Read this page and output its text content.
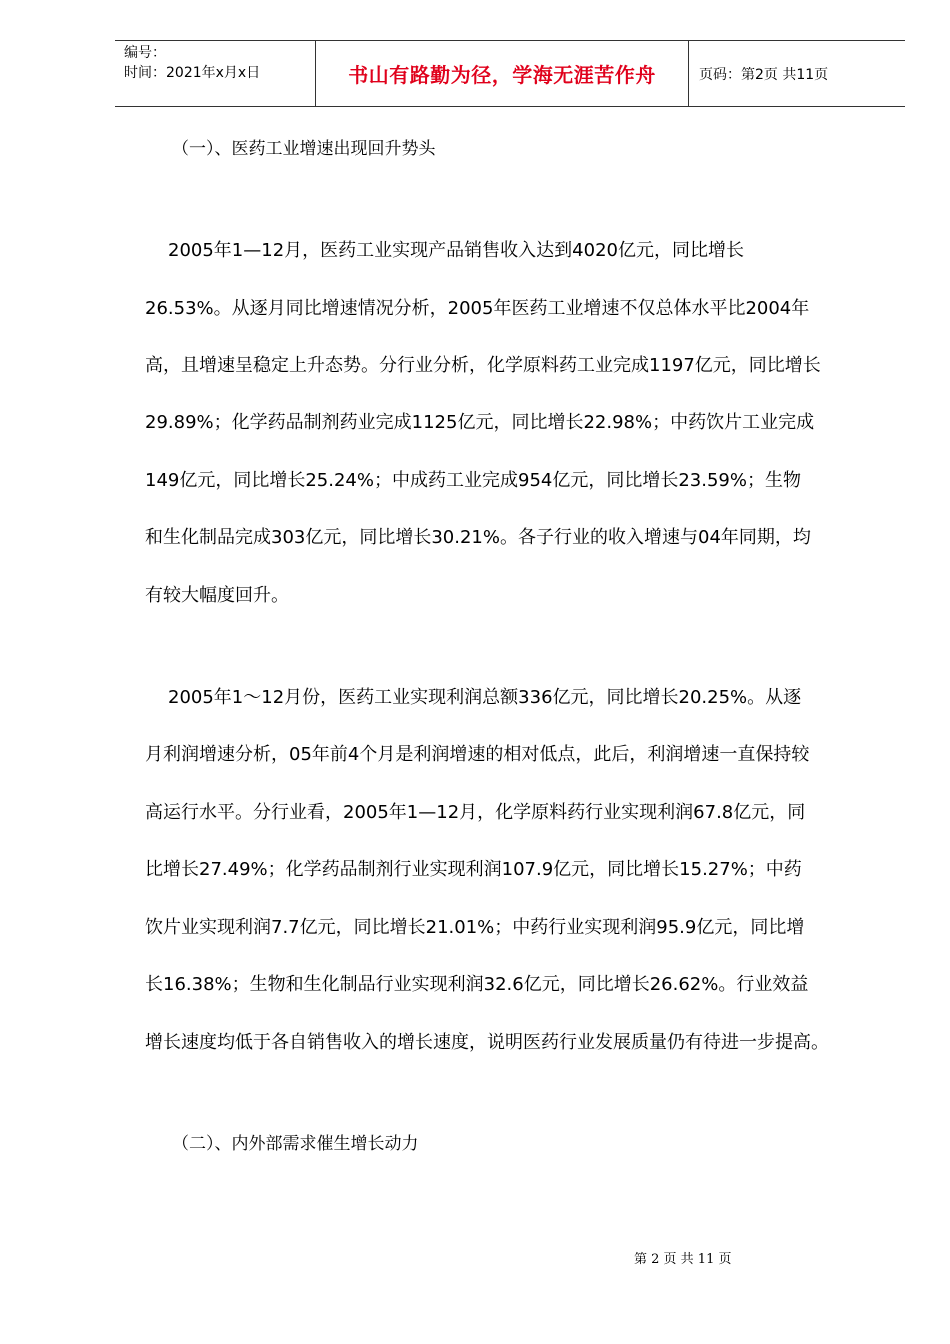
编号：
时间：2021年x月x日	书山有路勤为径，学海无涯苦作舟	页码：第2页 共11页
（一）、医药工业增速出现回升势头
2005年1—12月，医药工业实现产品销售收入达到4020亿元，同比增长
26.53%。从逐月同比增速情况分析，2005年医药工业增速不仅总体水平比2004年
高，且增速呈稳定上升态势。分行业分析，化学原料药工业完成1197亿元，同比增长
29.89%；化学药品制剂药业完成1125亿元，同比增长22.98%；中药饮片工业完成
149亿元，同比增长25.24%；中成药工业完成954亿元，同比增长23.59%；生物
和生化制品完成303亿元，同比增长30.21%。各子行业的收入增速与04年同期，均
有较大幅度回升。
2005年1～12月份，医药工业实现利润总额336亿元，同比增长20.25%。从逐
月利润增速分析，05年前4个月是利润增速的相对低点，此后，利润增速一直保持较
高运行水平。分行业看，2005年1—12月，化学原料药行业实现利润67.8亿元，同
比增长27.49%；化学药品制剂行业实现利润107.9亿元，同比增长15.27%；中药
饮片业实现利润7.7亿元，同比增长21.01%；中药行业实现利润95.9亿元，同比增
长16.38%；生物和生化制品行业实现利润32.6亿元，同比增长26.62%。行业效益
增长速度均低于各自销售收入的增长速度，说明医药行业发展质量仍有待进一步提高。
（二）、内外部需求催生增长动力
第 2 页 共 11 页
